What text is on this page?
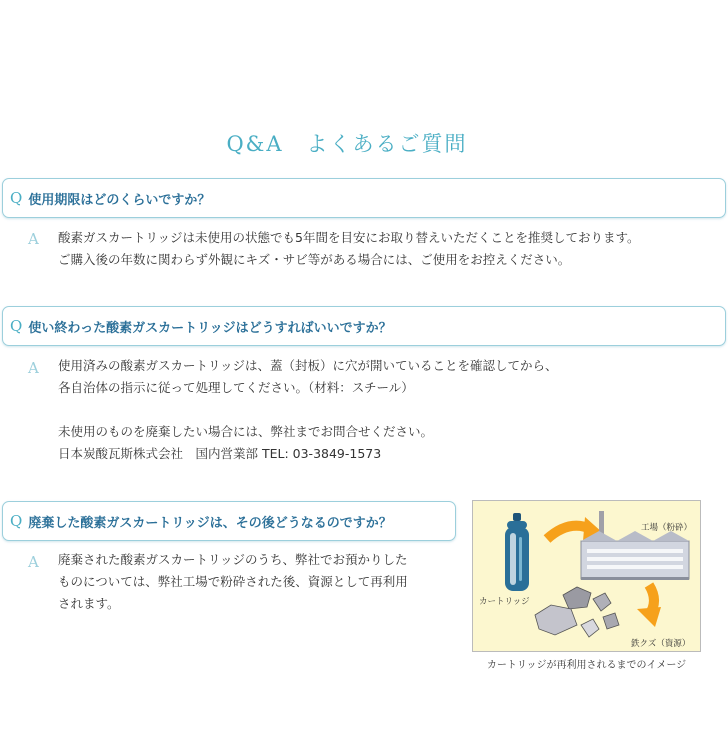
Q&A　よくあるご質問
Q 使用期限はどのくらいですか？
A 酸素ガスカートリッジは未使用の状態でも5年間を目安にお取り替えいただくことを推奨しております。

ご購入後の年数に関わらず外観にキズ・サビ等がある場合には、ご使用をお控えください。

Q 使い終わった酸素ガスカートリッジはどうすればいいですか？
A 使用済みの酸素ガスカートリッジは、蓋（封板）に穴が開いていることを確認してから、

各自治体の指示に従って処理してください。（材料：スチール）

未使用のものを廃棄したい場合には、弊社までお問合せください。

日本炭酸瓦斯株式会社　国内営業部 TEL: 03-3849-1573

Q 廃棄した酸素ガスカートリッジは、その後どうなるのですか？
A 廃棄された酸素ガスカートリッジのうち、弊社でお預かりした

ものについては、弊社工場で粉砕された後、資源として再利用

されます。	カートリッジ
工場（粉砕）
鉄クズ（資源）
カートリッジが再利用されるまでのイメージ
